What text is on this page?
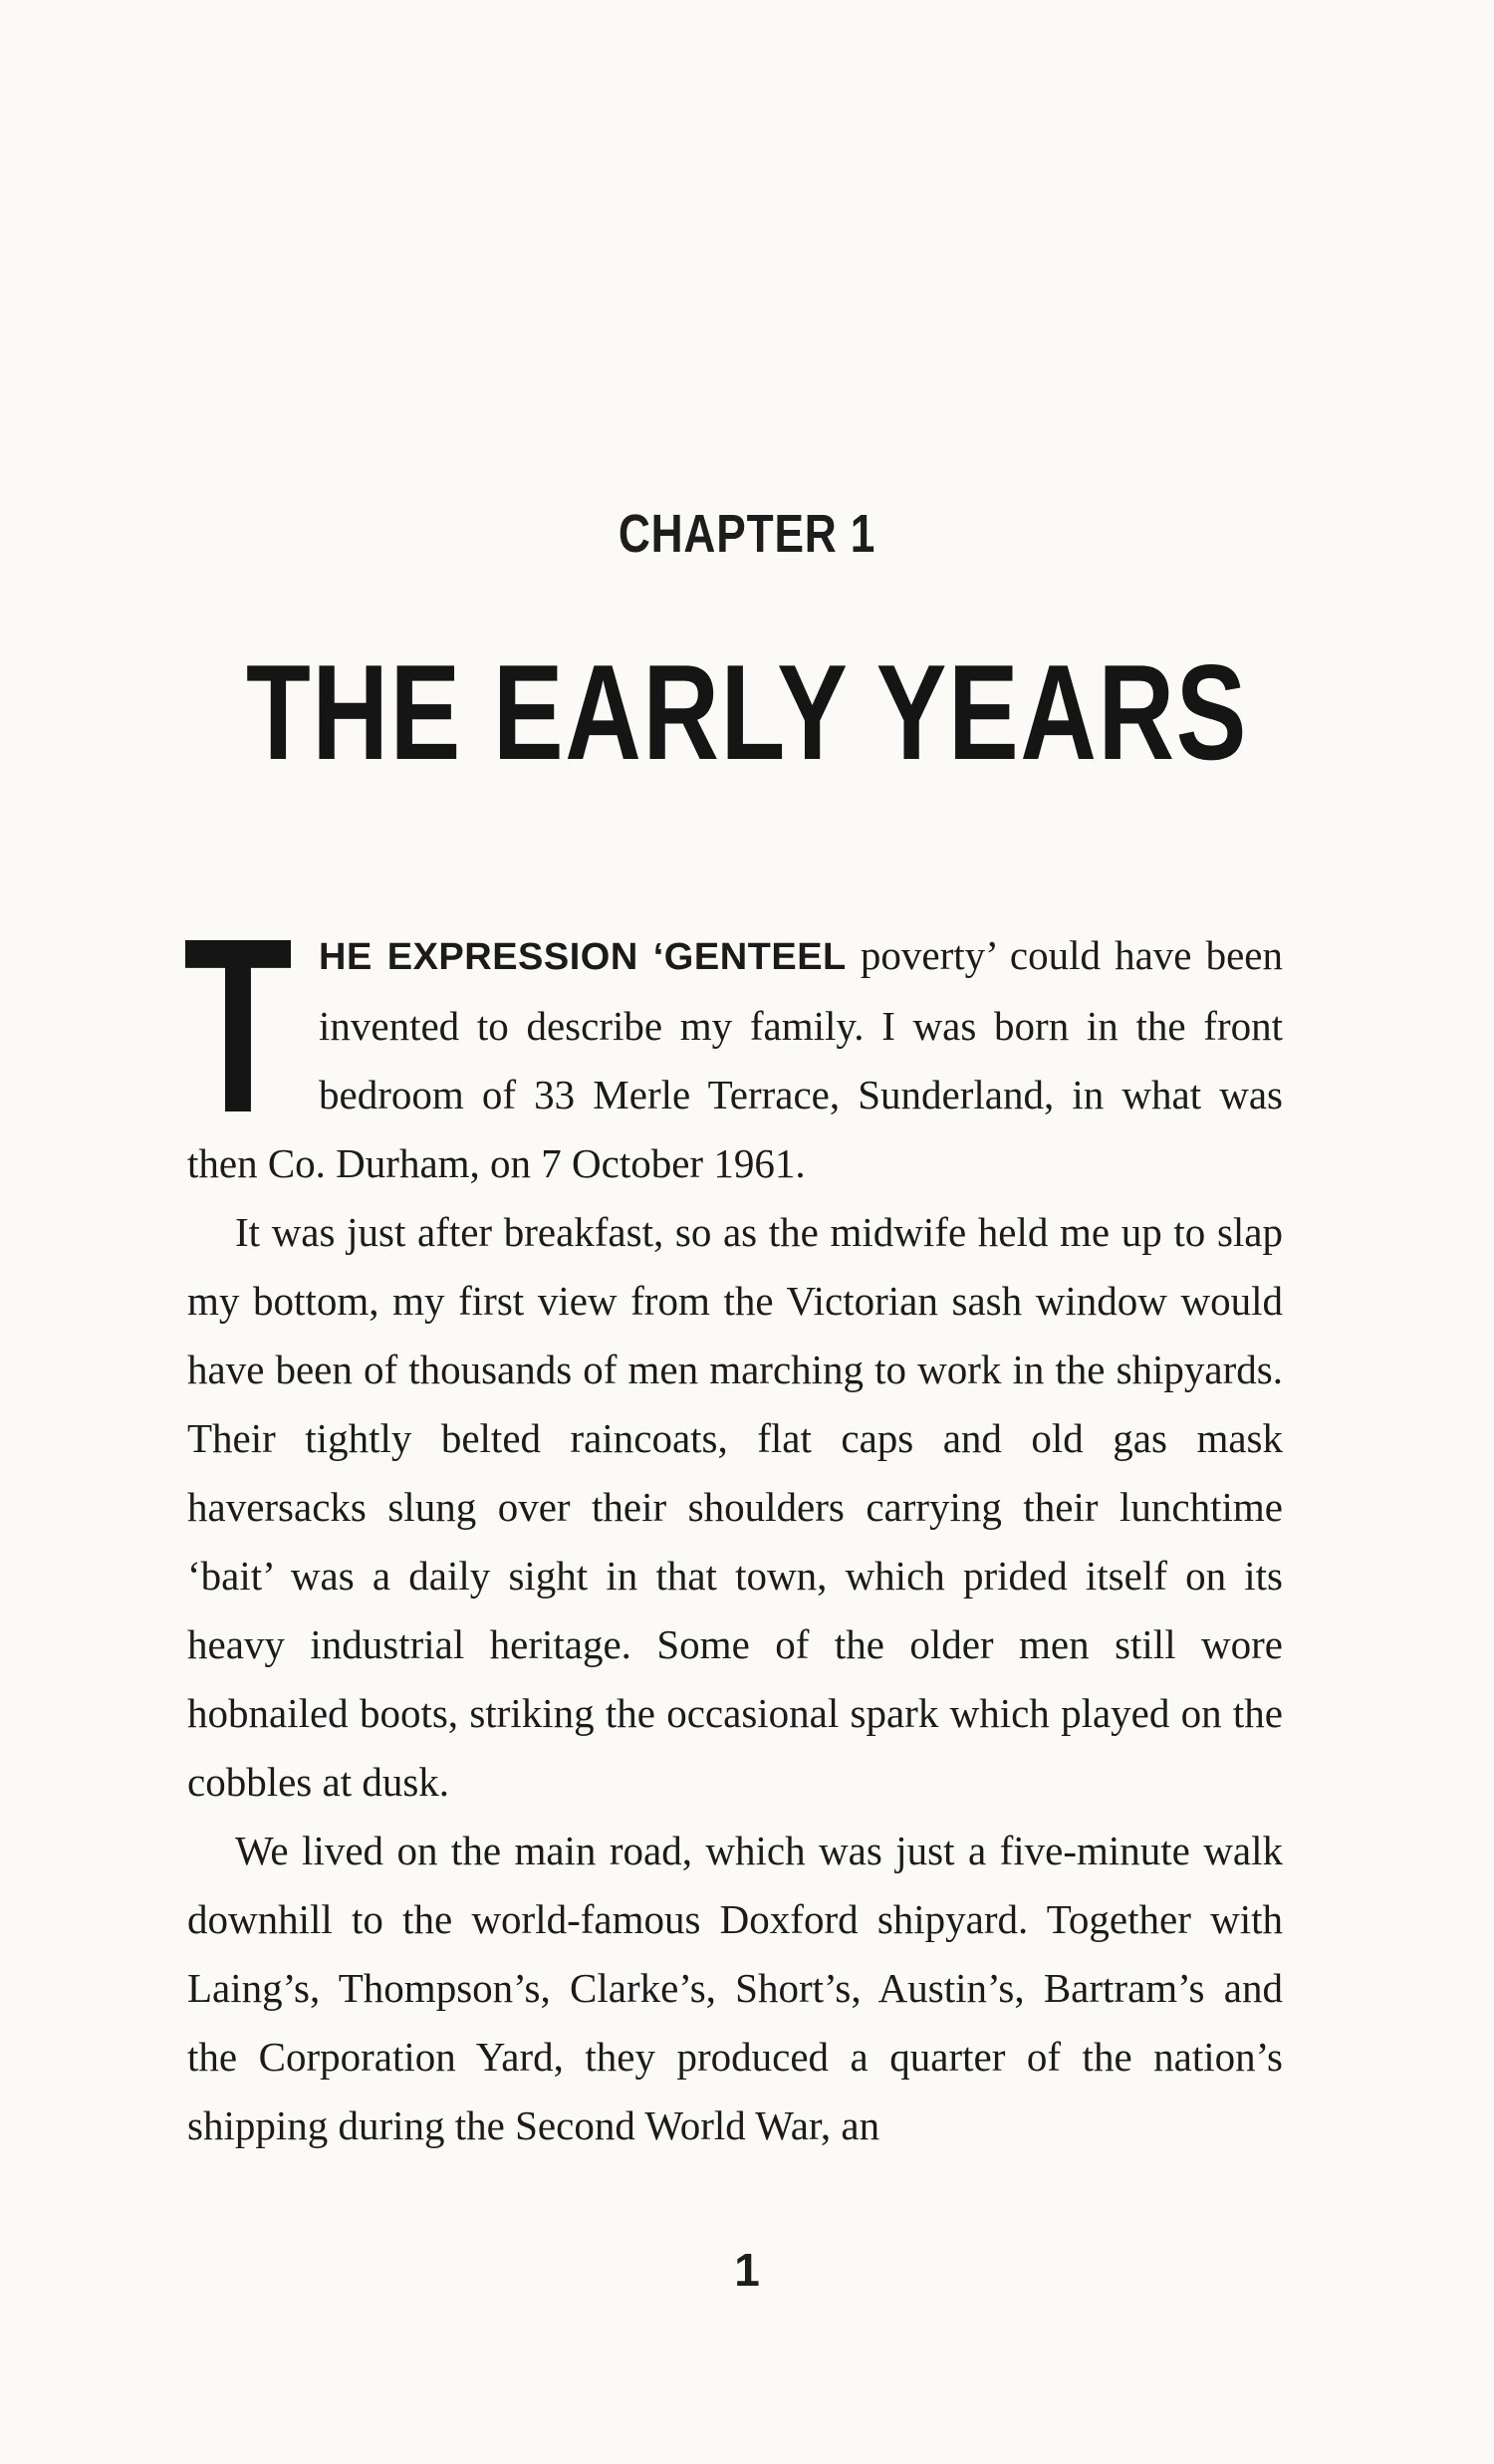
CHAPTER 1
THE EARLY YEARS

THE EXPRESSION ‘GENTEEL poverty’ could have been invented to describe my family. I was born in the front bedroom of 33 Merle Terrace, Sunderland, in what was then Co. Durham, on 7 October 1961.

It was just after breakfast, so as the midwife held me up to slap my bottom, my first view from the Victorian sash window would have been of thousands of men marching to work in the shipyards. Their tightly belted raincoats, flat caps and old gas mask haversacks slung over their shoulders carrying their lunchtime ‘bait’ was a daily sight in that town, which prided itself on its heavy industrial heritage. Some of the older men still wore hobnailed boots, striking the occasional spark which played on the cobbles at dusk.

We lived on the main road, which was just a five-minute walk downhill to the world-famous Doxford shipyard. Together with Laing’s, Thompson’s, Clarke’s, Short’s, Austin’s, Bartram’s and the Corporation Yard, they produced a quarter of the nation’s shipping during the Second World War, an

1
